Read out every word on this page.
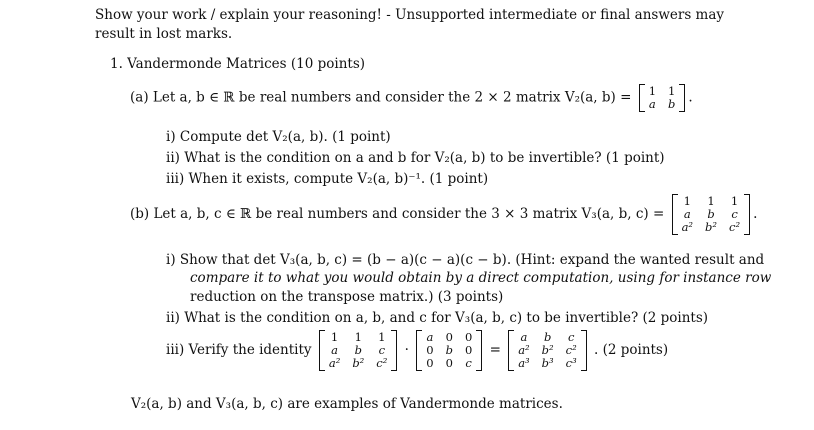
Show your work / explain your reasoning! - Unsupported intermediate or final answers may result in lost marks.
1. Vandermonde Matrices (10 points)
(a) Let a, b ∈ ℝ be real numbers and consider the 2 × 2 matrix V₂(a, b) = 1 1
a b .
i) Compute det V₂(a, b). (1 point)
ii) What is the condition on a and b for V₂(a, b) to be invertible? (1 point)
iii) When it exists, compute V₂(a, b)⁻¹. (1 point)
(b) Let a, b, c ∈ ℝ be real numbers and consider the 3 × 3 matrix V₃(a, b, c) =
1 1 1
a b c
a² b² c²
.
i) Show that det V₃(a, b, c) = (b − a)(c − a)(c − b). (Hint: expand the wanted result and
compare it to what you would obtain by a direct computation, using for instance row
reduction on the transpose matrix.) (3 points)
ii) What is the condition on a, b, and c for V₃(a, b, c) to be invertible? (2 points)
iii) Verify the identity
1 1 1
a b c
a² b² c²
·
a 0 0
0 b 0
0 0 c
=
a b c
a² b² c²
a³ b³ c³
. (2 points)
V₂(a, b) and V₃(a, b, c) are examples of Vandermonde matrices.
